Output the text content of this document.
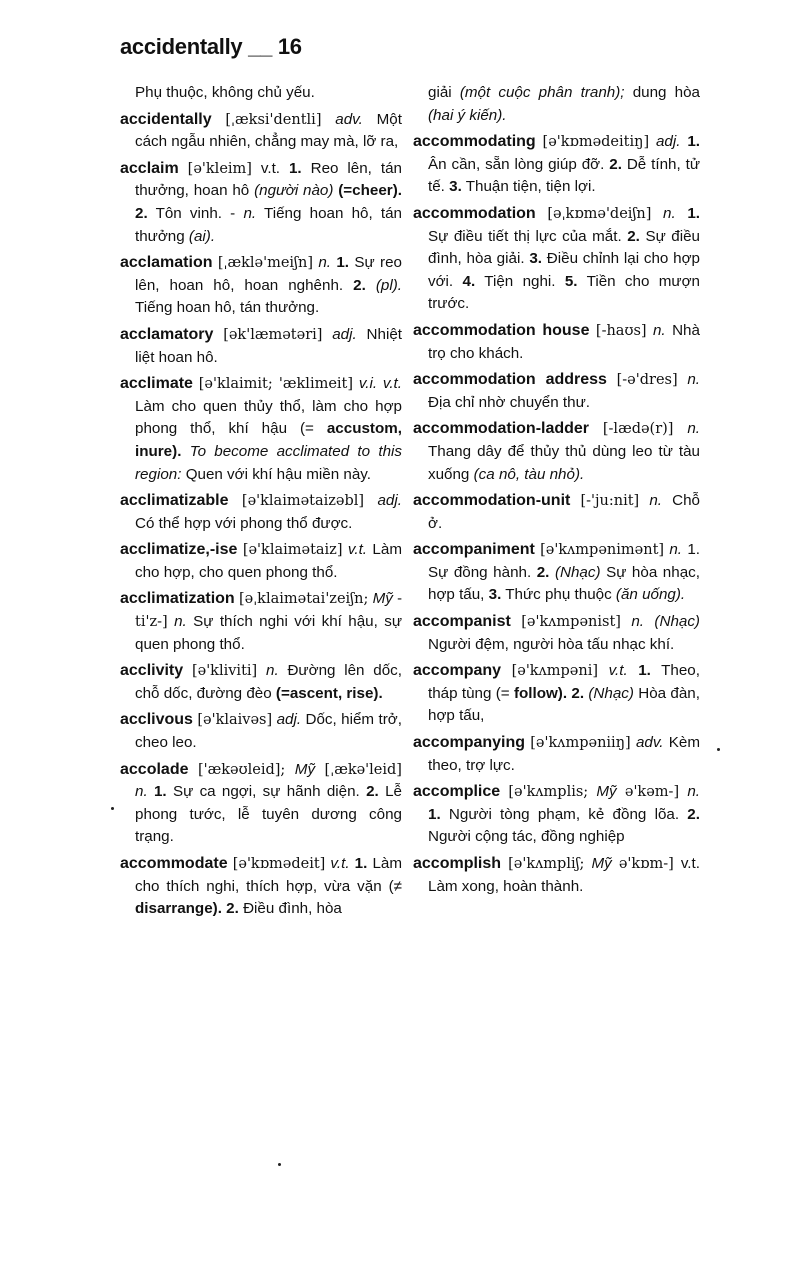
accidentally __ 16
Phụ thuộc, không chủ yếu.
accidentally [ˌæksi'dentli] adv. Một cách ngẫu nhiên, chẳng may mà, lỡ ra,
acclaim [ə'kleim] v.t. 1. Reo lên, tán thưởng, hoan hô (người nào) (=cheer). 2. Tôn vinh. - n. Tiếng hoan hô, tán thưởng (ai).
acclamation [ˌæklə'meiʃn] n. 1. Sự reo lên, hoan hô, hoan nghênh. 2. (pl). Tiếng hoan hô, tán thưởng.
acclamatory [ək'læmətəri] adj. Nhiệt liệt hoan hô.
acclimate [ə'klaimit; 'æklimeit] v.i. v.t. Làm cho quen thủy thổ, làm cho hợp phong thổ, khí hậu (= accustom, inure). To become acclimated to this region: Quen với khí hậu miền này.
acclimatizable [ə'klaimətaizəbl] adj. Có thể hợp với phong thổ được.
acclimatize,-ise [ə'klaimətaiz] v.t. Làm cho hợp, cho quen phong thổ.
acclimatization [əˌklaimətai'zeiʃn; Mỹ -ti'z-] n. Sự thích nghi với khí hậu, sự quen phong thổ.
acclivity [ə'kliviti] n. Đường lên dốc, chỗ dốc, đường đèo (=ascent, rise).
acclivous [ə'klaivəs] adj. Dốc, hiểm trở, cheo leo.
accolade ['ækəʊleid]; Mỹ [ˌækə'leid] n. 1. Sự ca ngợi, sự hãnh diện. 2. Lễ phong tước, lễ tuyên dương công trạng.
accommodate [ə'kɒmədeit] v.t. 1. Làm cho thích nghi, thích hợp, vừa vặn (≠ disarrange). 2. Điều đình, hòa
giải (một cuộc phân tranh); dung hòa (hai ý kiến).
accommodating [ə'kɒmədeitiŋ] adj. 1. Ân cần, sẵn lòng giúp đỡ. 2. Dễ tính, tử tế. 3. Thuận tiện, tiện lợi.
accommodation [əˌkɒmə'deiʃn] n. 1. Sự điều tiết thị lực của mắt. 2. Sự điều đình, hòa giải. 3. Điều chỉnh lại cho hợp với. 4. Tiện nghi. 5. Tiền cho mượn trước.
accommodation house [-haʊs] n. Nhà trọ cho khách.
accommodation address [-ə'dres] n. Địa chỉ nhờ chuyển thư.
accommodation-ladder [-lædə(r)] n. Thang dây để thủy thủ dùng leo từ tàu xuống (ca nô, tàu nhỏ).
accommodation-unit [-'ju:nit] n. Chỗ ở.
accompaniment [ə'kʌmpənimənt] n. 1. Sự đồng hành. 2. (Nhạc) Sự hòa nhạc, hợp tấu, 3. Thức phụ thuộc (ăn uống).
accompanist [ə'kʌmpənist] n. (Nhạc) Người đệm, người hòa tấu nhạc khí.
accompany [ə'kʌmpəni] v.t. 1. Theo, tháp tùng (= follow). 2. (Nhạc) Hòa đàn, hợp tấu,
accompanying [ə'kʌmpəniiŋ] adv. Kèm theo, trợ lực.
accomplice [ə'kʌmplis; Mỹ ə'kəm-] n. 1. Người tòng phạm, kẻ đồng lõa. 2. Người cộng tác, đồng nghiệp
accomplish [ə'kʌmpliʃ; Mỹ ə'kɒm-] v.t. Làm xong, hoàn thành.
